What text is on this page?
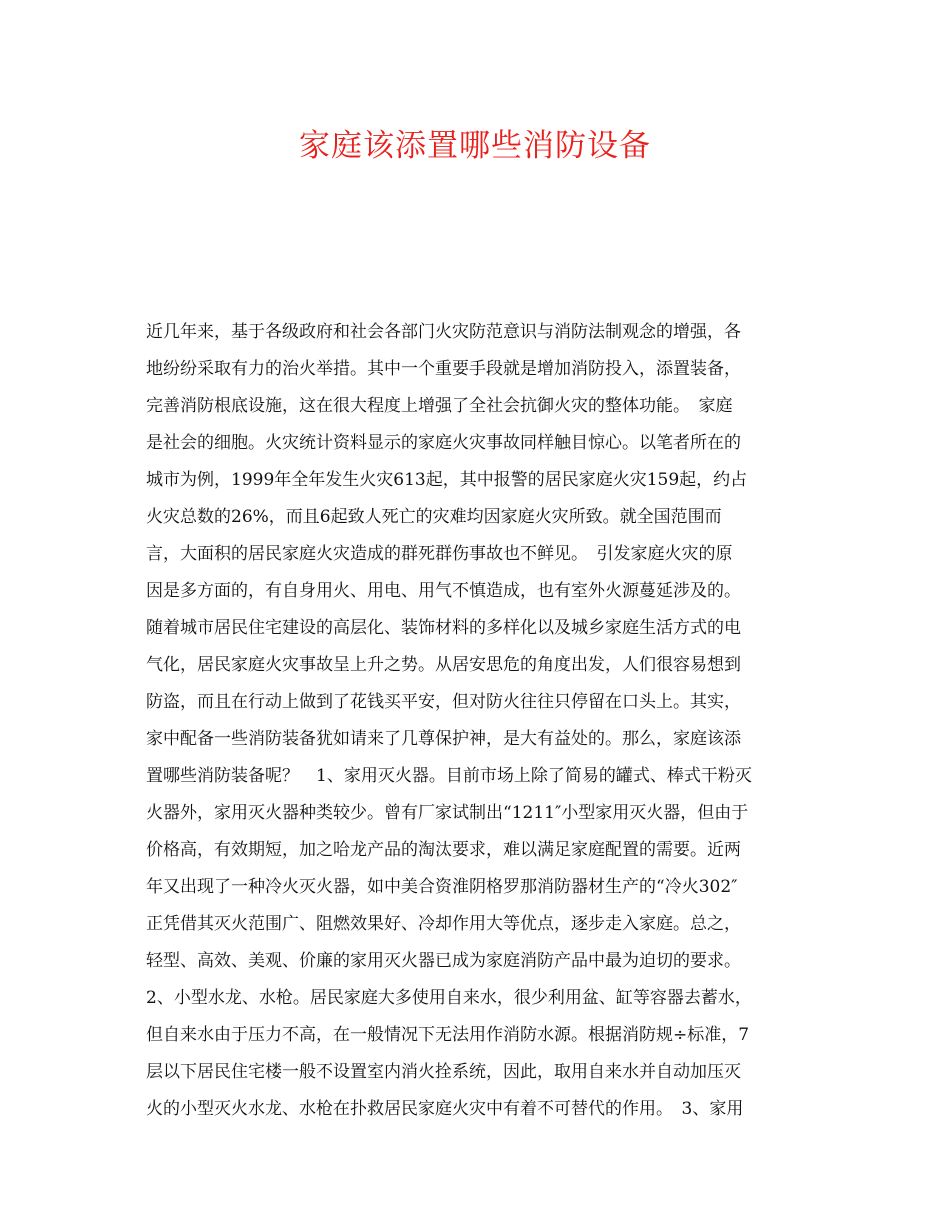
家庭该添置哪些消防设备
近几年来，基于各级政府和社会各部门火灾防范意识与消防法制观念的增强，各
地纷纷采取有力的治火举措。其中一个重要手段就是增加消防投入，添置装备，
完善消防根底设施，这在很大程度上增强了全社会抗御火灾的整体功能。　家庭
是社会的细胞。火灾统计资料显示的家庭火灾事故同样触目惊心。以笔者所在的
城市为例，1999年全年发生火灾613起，其中报警的居民家庭火灾159起，约占
火灾总数的26%，而且6起致人死亡的灾难均因家庭火灾所致。就全国范围而
言，大面积的居民家庭火灾造成的群死群伤事故也不鲜见。　引发家庭火灾的原
因是多方面的，有自身用火、用电、用气不慎造成，也有室外火源蔓延涉及的。
随着城市居民住宅建设的高层化、装饰材料的多样化以及城乡家庭生活方式的电
气化，居民家庭火灾事故呈上升之势。从居安思危的角度出发，人们很容易想到
防盗，而且在行动上做到了花钱买平安，但对防火往往只停留在口头上。其实，
家中配备一些消防装备犹如请来了几尊保护神，是大有益处的。那么，家庭该添
置哪些消防装备呢？　1、家用灭火器。目前市场上除了简易的罐式、棒式干粉灭
火器外，家用灭火器种类较少。曾有厂家试制出“1211″小型家用灭火器，但由于
价格高，有效期短，加之哈龙产品的淘汰要求，难以满足家庭配置的需要。近两
年又出现了一种冷火灭火器，如中美合资淮阴格罗那消防器材生产的“冷火302″
正凭借其灭火范围广、阻燃效果好、冷却作用大等优点，逐步走入家庭。总之，
轻型、高效、美观、价廉的家用灭火器已成为家庭消防产品中最为迫切的要求。
2、小型水龙、水枪。居民家庭大多使用自来水，很少利用盆、缸等容器去蓄水，
但自来水由于压力不高，在一般情况下无法用作消防水源。根据消防规÷标准，7
层以下居民住宅楼一般不设置室内消火拴系统，因此，取用自来水并自动加压灭
火的小型灭火水龙、水枪在扑救居民家庭火灾中有着不可替代的作用。　3、家用
